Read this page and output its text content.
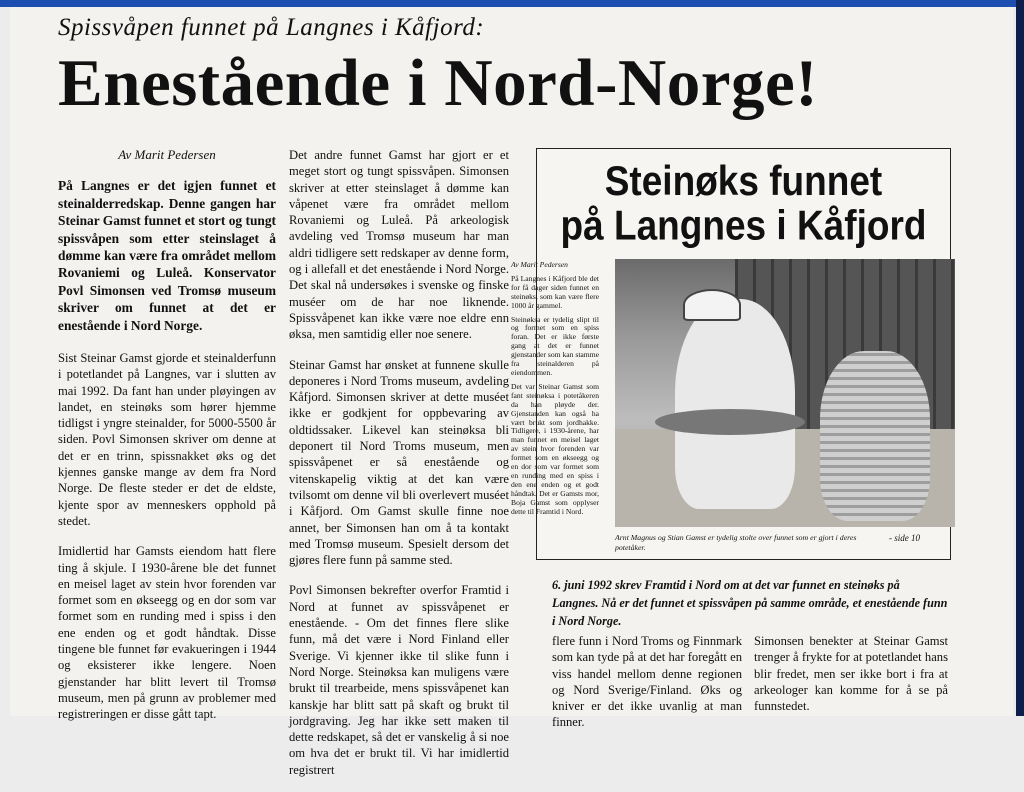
Spissvåpen funnet på Langnes i Kåfjord:
Enestående i Nord-Norge!

Av Marit Pedersen

På Langnes er det igjen funnet et steinalderredskap. Denne gangen har Steinar Gamst funnet et stort og tungt spissvåpen som etter steinslaget å dømme kan være fra området mellom Rovaniemi og Luleå. Konservator Povl Simonsen ved Tromsø museum skriver om funnet at det er enestående i Nord Norge.

Sist Steinar Gamst gjorde et steinalderfunn i potetlandet på Langnes, var i slutten av mai 1992. Da fant han under pløyingen av landet, en steinøks som hører hjemme tidligst i yngre steinalder, for 5000-5500 år siden. Povl Simonsen skriver om denne at det er en trinn, spissnakket øks og det kjennes ganske mange av dem fra Nord Norge. De fleste steder er det de eldste, kjente spor av menneskers opphold på stedet.

Imidlertid har Gamsts eiendom hatt flere ting å skjule. I 1930-årene ble det funnet en meisel laget av stein hvor forenden var formet som en økseegg og en dor som var formet som en runding med i spiss i den ene enden og et godt håndtak. Disse tingene ble funnet før evakueringen i 1944 og eksisterer ikke lengere. Noen gjenstander har blitt levert til Tromsø museum, men på grunn av problemer med registreringen er disse gått tapt.

Det andre funnet Gamst har gjort er et meget stort og tungt spissvåpen. Simonsen skriver at etter steinslaget å dømme kan våpenet være fra området mellom Rovaniemi og Luleå. På arkeologisk avdeling ved Tromsø museum har man aldri tidligere sett redskaper av denne form, og i allefall et det enestående i Nord Norge. Det skal nå undersøkes i svenske og finske muséer om de har noe liknende. Spissvåpenet kan ikke være noe eldre enn øksa, men samtidig eller noe senere.

Steinar Gamst har ønsket at funnene skulle deponeres i Nord Troms museum, avdeling Kåfjord. Simonsen skriver at dette muséet ikke er godkjent for oppbevaring av oldtidssaker. Likevel kan steinøksa bli deponert til Nord Troms museum, men spissvåpenet er så enestående og vitenskapelig viktig at det kan være tvilsomt om denne vil bli overlevert muséet i Kåfjord. Om Gamst skulle finne noe annet, ber Simonsen han om å ta kontakt med Tromsø museum. Spesielt dersom det gjøres flere funn på samme sted.

Povl Simonsen bekrefter overfor Framtid i Nord at funnet av spissvåpenet er enestående. - Om det finnes flere slike funn, må det være i Nord Finland eller Sverige. Vi kjenner ikke til slike funn i Nord Norge. Steinøksa kan muligens være brukt til trearbeide, mens spissvåpenet kan kanskje har blitt satt på skaft og brukt til jordgraving. Jeg har ikke sett maken til dette redskapet, så det er vanskelig å si noe om hva det er brukt til. Vi har imidlertid registrert

Steinøks funnet
på Langnes i Kåfjord

Av Marit Pedersen

På Langnes i Kåfjord ble det for få dager siden funnet en steinøks, som kan være flere 1000 år gammel.

Steinøksa er tydelig slipt til og formet som en spiss foran. Det er ikke første gang at det er funnet gjenstander som kan stamme fra steinalderen på eiendommen.

Det var Steinar Gamst som fant steinøksa i potetåkeren da han pløyde der. Gjenstanden kan også ha vært brukt som jordhakke. Tidligere, i 1930-årene, har man funnet en meisel laget av stein hvor forenden var formet som en økseegg og en dor som var formet som en runding med en spiss i den ene enden og et godt håndtak. Det er Gamsts mor, Boja Gamst som opplyser dette til Framtid i Nord.

Arnt Magnus og Stian Gamst er tydelig stolte over funnet som er gjort i deres potetåker.
- side 10
6. juni 1992 skrev Framtid i Nord om at det var funnet en steinøks på Langnes. Nå er det funnet et spissvåpen på samme område, et enestående funn i Nord Norge.
flere funn i Nord Troms og Finnmark som kan tyde på at det har foregått en viss handel mellom denne regionen og Nord Sverige/Finland. Øks og kniver er det ikke uvanlig at man finner.
Simonsen benekter at Steinar Gamst trenger å frykte for at potetlandet hans blir fredet, men ser ikke bort i fra at arkeologer kan komme for å se på funnstedet.
